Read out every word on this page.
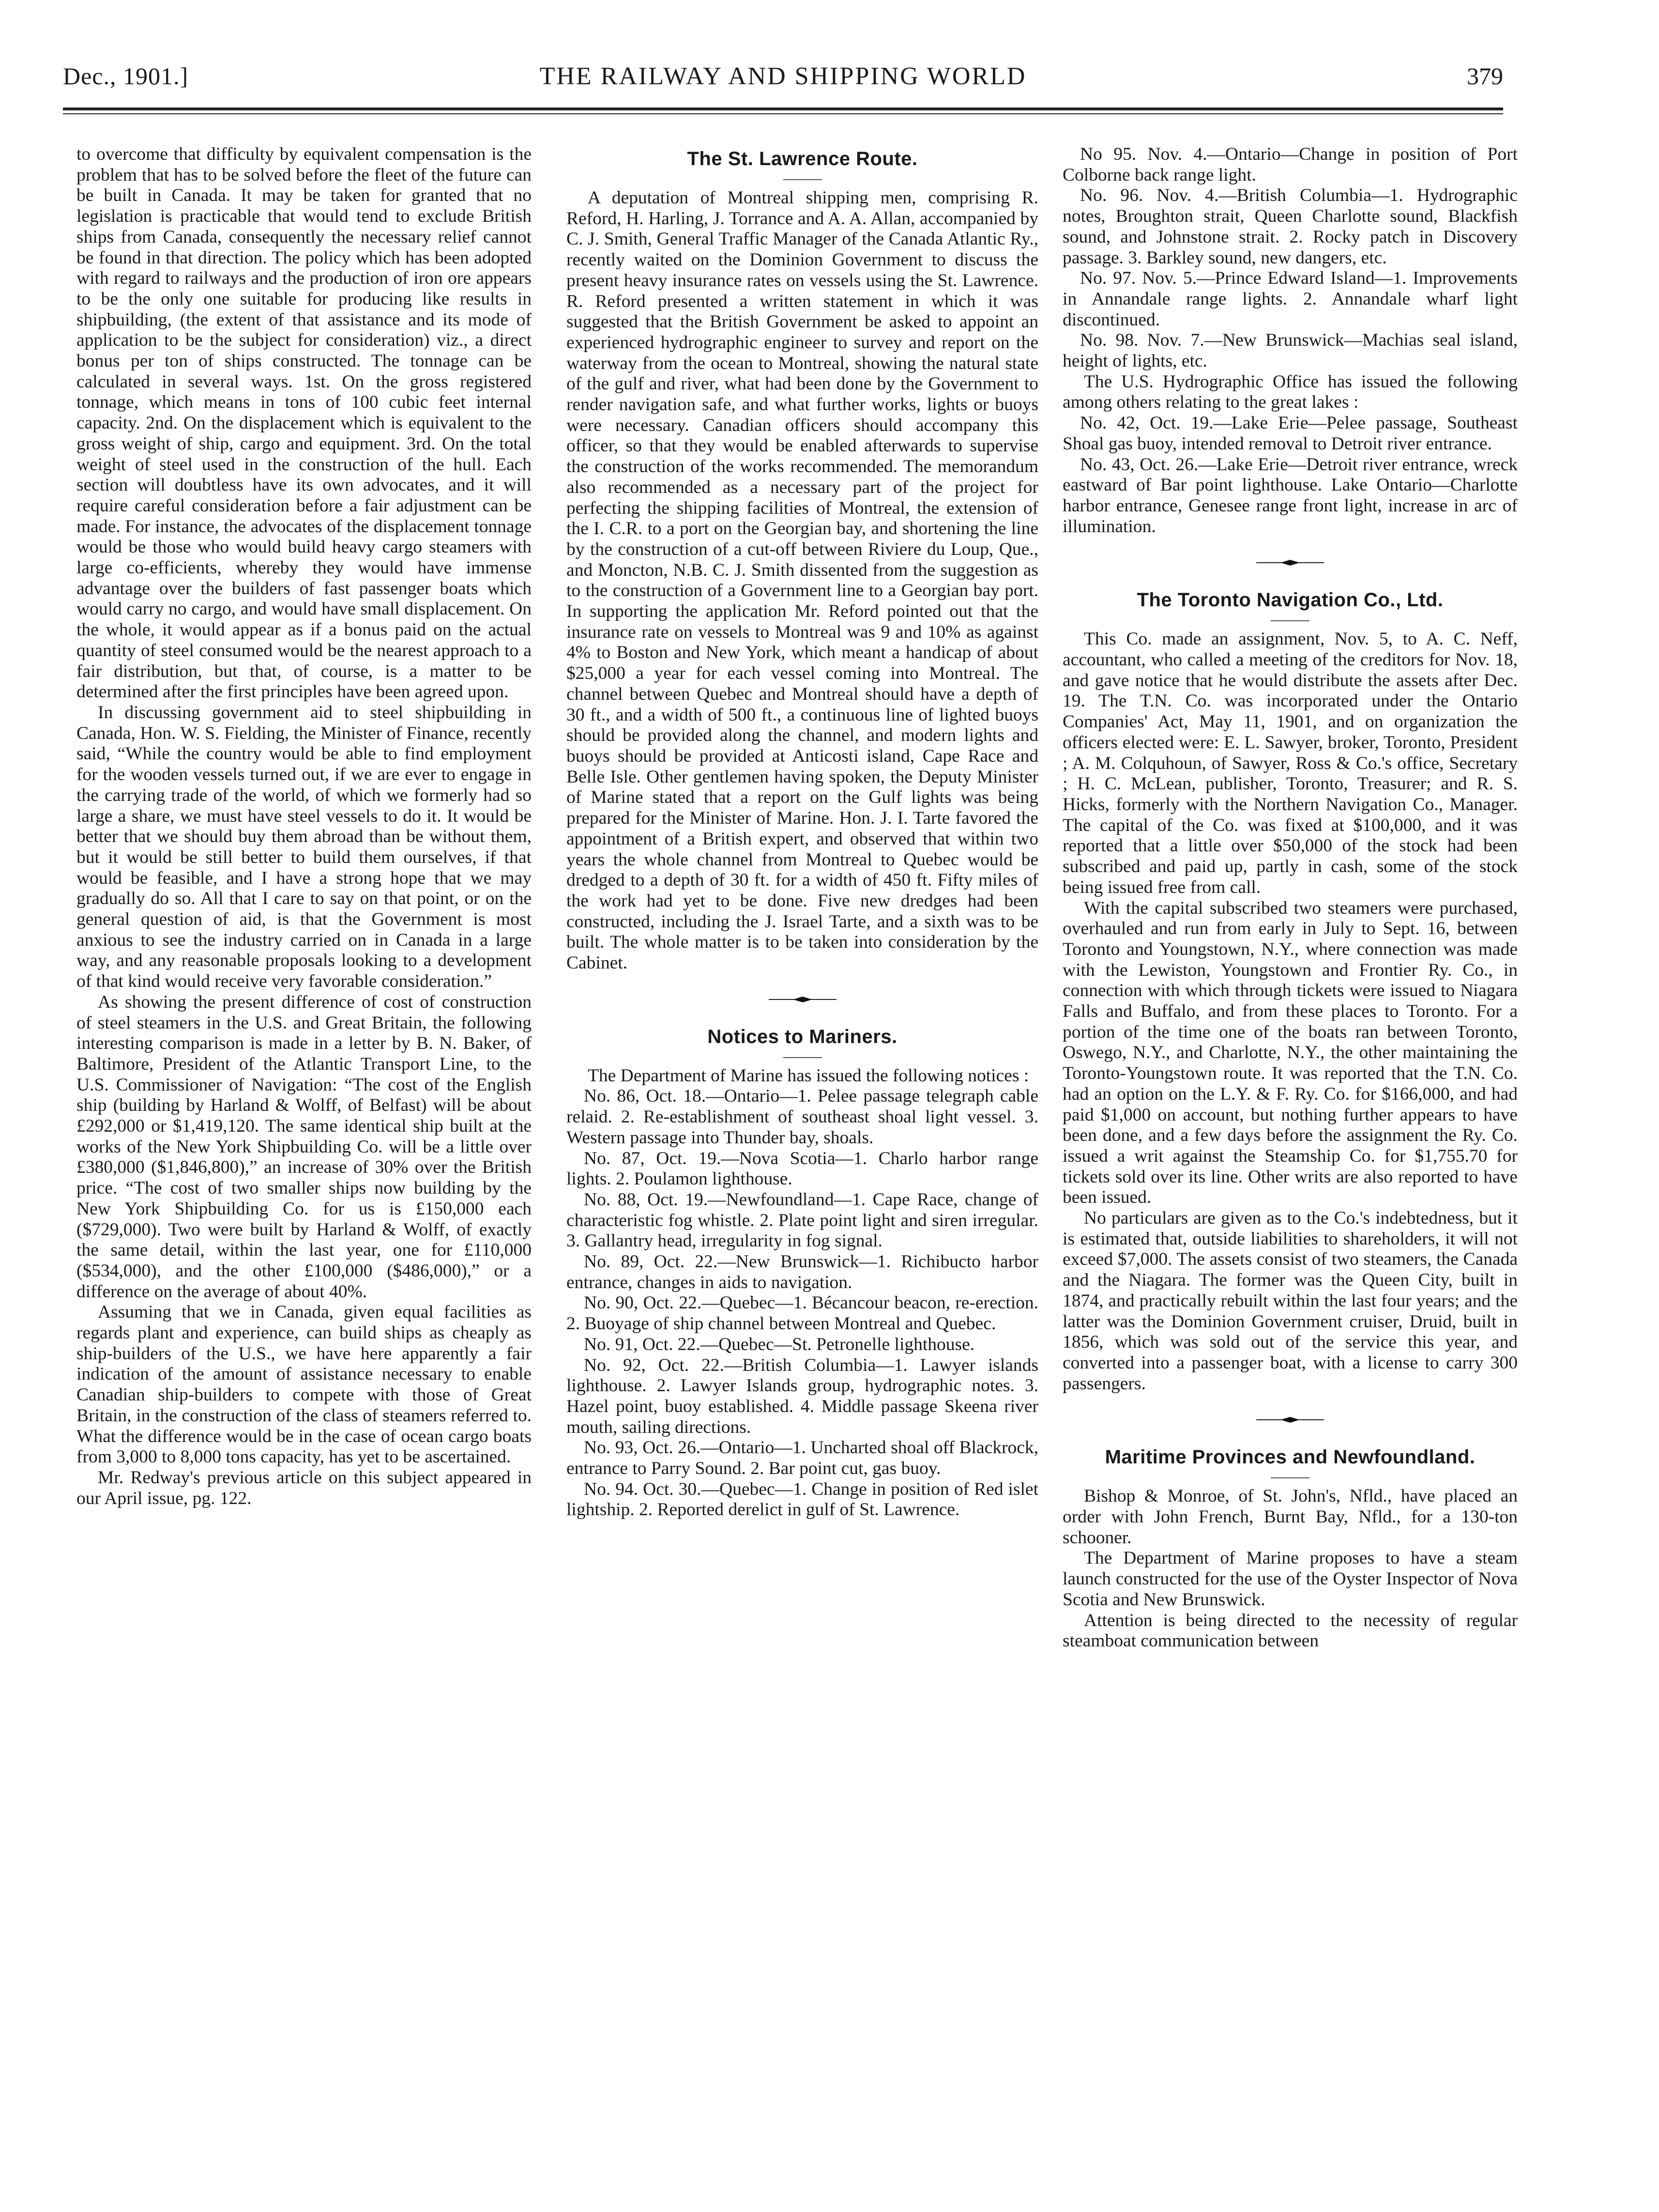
Dec., 1901.]	THE RAILWAY AND SHIPPING WORLD	379

to overcome that difficulty by equivalent compensation is the problem that has to be solved before the fleet of the future can be built in Canada. It may be taken for granted that no legislation is practicable that would tend to exclude British ships from Canada, consequently the necessary relief cannot be found in that direction. The policy which has been adopted with regard to railways and the production of iron ore appears to be the only one suitable for producing like results in shipbuilding, (the extent of that assistance and its mode of application to be the subject for consideration) viz., a direct bonus per ton of ships constructed. The tonnage can be calculated in several ways. 1st. On the gross registered tonnage, which means in tons of 100 cubic feet internal capacity. 2nd. On the displacement which is equivalent to the gross weight of ship, cargo and equipment. 3rd. On the total weight of steel used in the construction of the hull. Each section will doubtless have its own advocates, and it will require careful consideration before a fair adjustment can be made. For instance, the advocates of the displacement tonnage would be those who would build heavy cargo steamers with large co-efficients, whereby they would have immense advantage over the builders of fast passenger boats which would carry no cargo, and would have small displacement. On the whole, it would appear as if a bonus paid on the actual quantity of steel consumed would be the nearest approach to a fair distribution, but that, of course, is a matter to be determined after the first principles have been agreed upon.

In discussing government aid to steel shipbuilding in Canada, Hon. W. S. Fielding, the Minister of Finance, recently said, “While the country would be able to find employment for the wooden vessels turned out, if we are ever to engage in the carrying trade of the world, of which we formerly had so large a share, we must have steel vessels to do it. It would be better that we should buy them abroad than be without them, but it would be still better to build them ourselves, if that would be feasible, and I have a strong hope that we may gradually do so. All that I care to say on that point, or on the general question of aid, is that the Government is most anxious to see the industry carried on in Canada in a large way, and any reasonable proposals looking to a development of that kind would receive very favorable consideration.”

As showing the present difference of cost of construction of steel steamers in the U.S. and Great Britain, the following interesting comparison is made in a letter by B. N. Baker, of Baltimore, President of the Atlantic Transport Line, to the U.S. Commissioner of Navigation: “The cost of the English ship (building by Harland & Wolff, of Belfast) will be about £292,000 or $1,419,120. The same identical ship built at the works of the New York Shipbuilding Co. will be a little over £380,000 ($1,846,800),” an increase of 30% over the British price. “The cost of two smaller ships now building by the New York Shipbuilding Co. for us is £150,000 each ($729,000). Two were built by Harland & Wolff, of exactly the same detail, within the last year, one for £110,000 ($534,000), and the other £100,000 ($486,000),” or a difference on the average of about 40%.

Assuming that we in Canada, given equal facilities as regards plant and experience, can build ships as cheaply as ship-builders of the U.S., we have here apparently a fair indication of the amount of assistance necessary to enable Canadian ship-builders to compete with those of Great Britain, in the construction of the class of steamers referred to. What the difference would be in the case of ocean cargo boats from 3,000 to 8,000 tons capacity, has yet to be ascertained.

Mr. Redway's previous article on this subject appeared in our April issue, pg. 122.

The St. Lawrence Route.

A deputation of Montreal shipping men, comprising R. Reford, H. Harling, J. Torrance and A. A. Allan, accompanied by C. J. Smith, General Traffic Manager of the Canada Atlantic Ry., recently waited on the Dominion Government to discuss the present heavy insurance rates on vessels using the St. Lawrence. R. Reford presented a written statement in which it was suggested that the British Government be asked to appoint an experienced hydrographic engineer to survey and report on the waterway from the ocean to Montreal, showing the natural state of the gulf and river, what had been done by the Government to render navigation safe, and what further works, lights or buoys were necessary. Canadian officers should accompany this officer, so that they would be enabled afterwards to supervise the construction of the works recommended. The memorandum also recommended as a necessary part of the project for perfecting the shipping facilities of Montreal, the extension of the I. C.R. to a port on the Georgian bay, and shortening the line by the construction of a cut-off between Riviere du Loup, Que., and Moncton, N.B. C. J. Smith dissented from the suggestion as to the construction of a Government line to a Georgian bay port. In supporting the application Mr. Reford pointed out that the insurance rate on vessels to Montreal was 9 and 10% as against 4% to Boston and New York, which meant a handicap of about $25,000 a year for each vessel coming into Montreal. The channel between Quebec and Montreal should have a depth of 30 ft., and a width of 500 ft., a continuous line of lighted buoys should be provided along the channel, and modern lights and buoys should be provided at Anticosti island, Cape Race and Belle Isle. Other gentlemen having spoken, the Deputy Minister of Marine stated that a report on the Gulf lights was being prepared for the Minister of Marine. Hon. J. I. Tarte favored the appointment of a British expert, and observed that within two years the whole channel from Montreal to Quebec would be dredged to a depth of 30 ft. for a width of 450 ft. Fifty miles of the work had yet to be done. Five new dredges had been constructed, including the J. Israel Tarte, and a sixth was to be built. The whole matter is to be taken into consideration by the Cabinet.

Notices to Mariners.

The Department of Marine has issued the following notices :

No. 86, Oct. 18.—Ontario—1. Pelee passage telegraph cable relaid. 2. Re-establishment of southeast shoal light vessel. 3. Western passage into Thunder bay, shoals.

No. 87, Oct. 19.—Nova Scotia—1. Charlo harbor range lights. 2. Poulamon lighthouse.

No. 88, Oct. 19.—Newfoundland—1. Cape Race, change of characteristic fog whistle. 2. Plate point light and siren irregular. 3. Gallantry head, irregularity in fog signal.

No. 89, Oct. 22.—New Brunswick—1. Richibucto harbor entrance, changes in aids to navigation.

No. 90, Oct. 22.—Quebec—1. Bécancour beacon, re-erection. 2. Buoyage of ship channel between Montreal and Quebec.

No. 91, Oct. 22.—Quebec—St. Petronelle lighthouse.

No. 92, Oct. 22.—British Columbia—1. Lawyer islands lighthouse. 2. Lawyer Islands group, hydrographic notes. 3. Hazel point, buoy established. 4. Middle passage Skeena river mouth, sailing directions.

No. 93, Oct. 26.—Ontario—1. Uncharted shoal off Blackrock, entrance to Parry Sound. 2. Bar point cut, gas buoy.

No. 94. Oct. 30.—Quebec—1. Change in position of Red islet lightship. 2. Reported derelict in gulf of St. Lawrence.

No 95. Nov. 4.—Ontario—Change in position of Port Colborne back range light.

No. 96. Nov. 4.—British Columbia—1. Hydrographic notes, Broughton strait, Queen Charlotte sound, Blackfish sound, and Johnstone strait. 2. Rocky patch in Discovery passage. 3. Barkley sound, new dangers, etc.

No. 97. Nov. 5.—Prince Edward Island—1. Improvements in Annandale range lights. 2. Annandale wharf light discontinued.

No. 98. Nov. 7.—New Brunswick—Machias seal island, height of lights, etc.

The U.S. Hydrographic Office has issued the following among others relating to the great lakes :

No. 42, Oct. 19.—Lake Erie—Pelee passage, Southeast Shoal gas buoy, intended removal to Detroit river entrance.

No. 43, Oct. 26.—Lake Erie—Detroit river entrance, wreck eastward of Bar point lighthouse. Lake Ontario—Charlotte harbor entrance, Genesee range front light, increase in arc of illumination.

The Toronto Navigation Co., Ltd.

This Co. made an assignment, Nov. 5, to A. C. Neff, accountant, who called a meeting of the creditors for Nov. 18, and gave notice that he would distribute the assets after Dec. 19. The T.N. Co. was incorporated under the Ontario Companies' Act, May 11, 1901, and on organization the officers elected were: E. L. Sawyer, broker, Toronto, President ; A. M. Colquhoun, of Sawyer, Ross & Co.'s office, Secretary ; H. C. McLean, publisher, Toronto, Treasurer; and R. S. Hicks, formerly with the Northern Navigation Co., Manager. The capital of the Co. was fixed at $100,000, and it was reported that a little over $50,000 of the stock had been subscribed and paid up, partly in cash, some of the stock being issued free from call.

With the capital subscribed two steamers were purchased, overhauled and run from early in July to Sept. 16, between Toronto and Youngstown, N.Y., where connection was made with the Lewiston, Youngstown and Frontier Ry. Co., in connection with which through tickets were issued to Niagara Falls and Buffalo, and from these places to Toronto. For a portion of the time one of the boats ran between Toronto, Oswego, N.Y., and Charlotte, N.Y., the other maintaining the Toronto-Youngstown route. It was reported that the T.N. Co. had an option on the L.Y. & F. Ry. Co. for $166,000, and had paid $1,000 on account, but nothing further appears to have been done, and a few days before the assignment the Ry. Co. issued a writ against the Steamship Co. for $1,755.70 for tickets sold over its line. Other writs are also reported to have been issued.

No particulars are given as to the Co.'s indebtedness, but it is estimated that, outside liabilities to shareholders, it will not exceed $7,000. The assets consist of two steamers, the Canada and the Niagara. The former was the Queen City, built in 1874, and practically rebuilt within the last four years; and the latter was the Dominion Government cruiser, Druid, built in 1856, which was sold out of the service this year, and converted into a passenger boat, with a license to carry 300 passengers.

Maritime Provinces and Newfoundland.

Bishop & Monroe, of St. John's, Nfld., have placed an order with John French, Burnt Bay, Nfld., for a 130-ton schooner.

The Department of Marine proposes to have a steam launch constructed for the use of the Oyster Inspector of Nova Scotia and New Brunswick.

Attention is being directed to the necessity of regular steamboat communication between
